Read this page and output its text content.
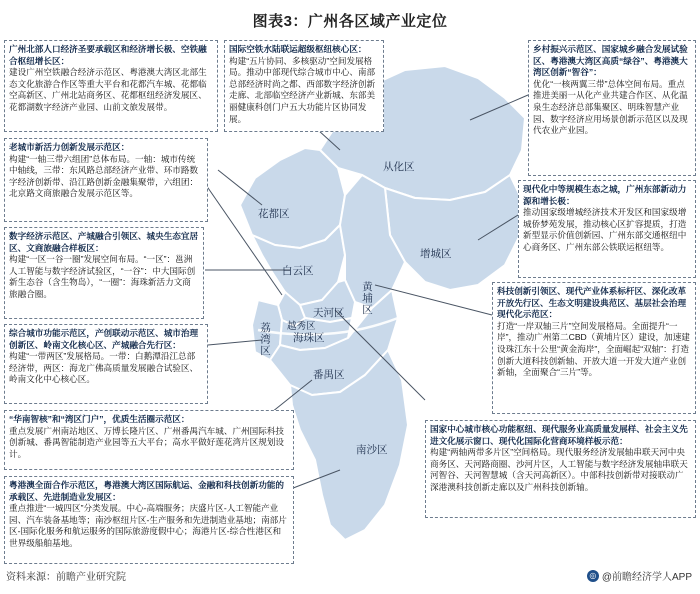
图表3：广州各区域产业定位
从化区
花都区
增城区
白云区
黄埔区
天河区
越秀区
海珠区
荔湾区
番禺区
南沙区
广州北部人口经济圣要承载区和经济增长极、空铁融合枢纽增长区：
建设广州空铁融合经济示范区、粤港澳大湾区北部生态文化旅游合作区等重大平台和花都汽车城、花都临空高新区、广州北站商务区、花都枢纽经济发展区、花都湖数字经济产业园、山前文旅发展带。
国际空铁水陆联运超级枢纽核心区：
构建“五片协同、多核驱动”空间发展格局。推动中部现代综合城市中心、南部总部经济时尚之都、西部数字经济创新走廊、北部临空经济产业新城、东部美丽健康科创门户五大功能片区协同发展。
乡村振兴示范区、国家城乡融合发展试验区、粤港澳大湾区高质“绿谷”、粤港澳大湾区创新“智谷”：
优化“一核两翼三带”总体空间布局。重点推进美丽一从化产业共建合作区、从化温泉生态经济总部集聚区、明珠智慧产业园、数字经济应用场景创新示范区以及现代农业产业园。
老城市新活力创新发展示范区：
构建“一轴三带六组团”总体布局。一轴：城市传统中轴线，三带：东风路总部经济产业带、环市路数字经济创新带、沿江路创新金融集聚带，六组团：北京路文商旅融合发展示范区等。	现代化中等规模生态之城，广州东部新动力源和增长极：
推动国家级增城经济技术开发区和国家级增城侨梦苑发展，推动核心区扩容提质，打造新型显示价值创新园、广州东部交通枢纽中心商务区、广州东部公铁联运枢纽等。
数字经济示范区、产城融合引领区、城央生态宜居区、文商旅融合样板区：
构建“一区一谷一圈”发展空间布局。“一区”：邕洲人工智能与数字经济试验区，“一谷”：中大国际创新生态谷（含生物岛），“一圈”：海珠新活力文商旅融合圈。	科技创新引领区、现代产业体系标杆区、深化改革开放先行区、生态文明建设典范区、基层社会治理现代化示范区：
打造“一岸双轴三片”空间发展格局。全面提升“一岸”，推动广州第二CBD（黄埔片区）建设，加速建设珠江东十公里“黄金海岸”，全面崛起“双轴”：打造创新大道科技创新轴、开放大道一开发大道产业创新轴，全面聚合“三片”等。
综合城市功能示范区，产创联动示范区、城市治理创新区、岭南文化核心区、产城融合先行区：
构建“一带两区”发展格局。一带：白鹅潭沿江总部经济带，两区：海龙广佛高质量发展融合试验区、岭南文化中心核心区。
国家中心城市核心功能枢纽、现代服务业高质量发展样、社会主义先进文化展示窗口、现代化国际化营商环境样板示范：
构建“两轴两带多片区”空间格局。现代服务经济发展轴串联天河中央商务区、天河路商圈、沙河片区，人工智能与数字经济发展轴串联天河智谷、天河智慧城（含天河高新区）。中部科技创新带对接联动广深港澳科技创新走廊以及广州科技创新轴。
“华南智核”和“湾区门户”，优质生活圈示范区：
重点发展广州南站地区、万博长隆片区、广州番禺汽车城、广州国际科技创新城、番禺智能制造产业园等五大平台；高水平做好莲花湾片区规划设计。
粤港澳全面合作示范区，粤港澳大湾区国际航运、金融和科技创新功能的承载区、先进制造业发展区：
重点推进“一城四区”分类发展。中心-高端服务；庆盛片区-人工智能产业园、汽车装备基地等；南沙枢纽片区-生产服务和先进制造业基地；南部片区-国际化服务和航运服务的国际旅游度假中心；海港片区-综合性港区和世界级船舶基地。
资料来源：前瞻产业研究院	◎ @前瞻经济学人APP
